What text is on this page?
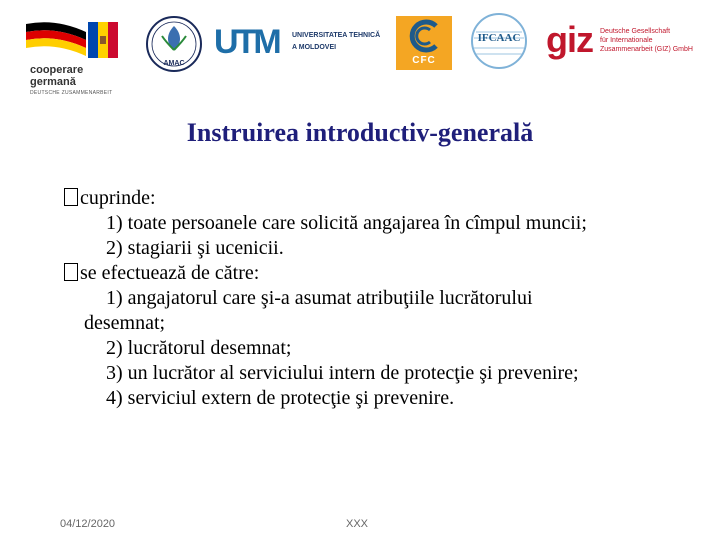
cooperare
germană
DEUTSCHE ZUSAMMENARBEIT
AMAC
UTM UNIVERSITATEA TEHNICĂ
A MOLDOVEI
CFC
IFCAAC giz Deutsche Gesellschaft
für Internationale
Zusammenarbeit (GIZ) GmbH
Instruirea introductiv-generală
cuprinde:
1) toate persoanele care solicită angajarea în cîmpul muncii;
2) stagiarii şi ucenicii.
se efectuează de către:
1) angajatorul care şi-a asumat atribuţiile lucrătorului
desemnat;
2) lucrătorul desemnat;
3) un lucrător al serviciului intern de protecţie şi prevenire;
4) serviciul extern de protecţie şi prevenire.
04/12/2020	XXX
